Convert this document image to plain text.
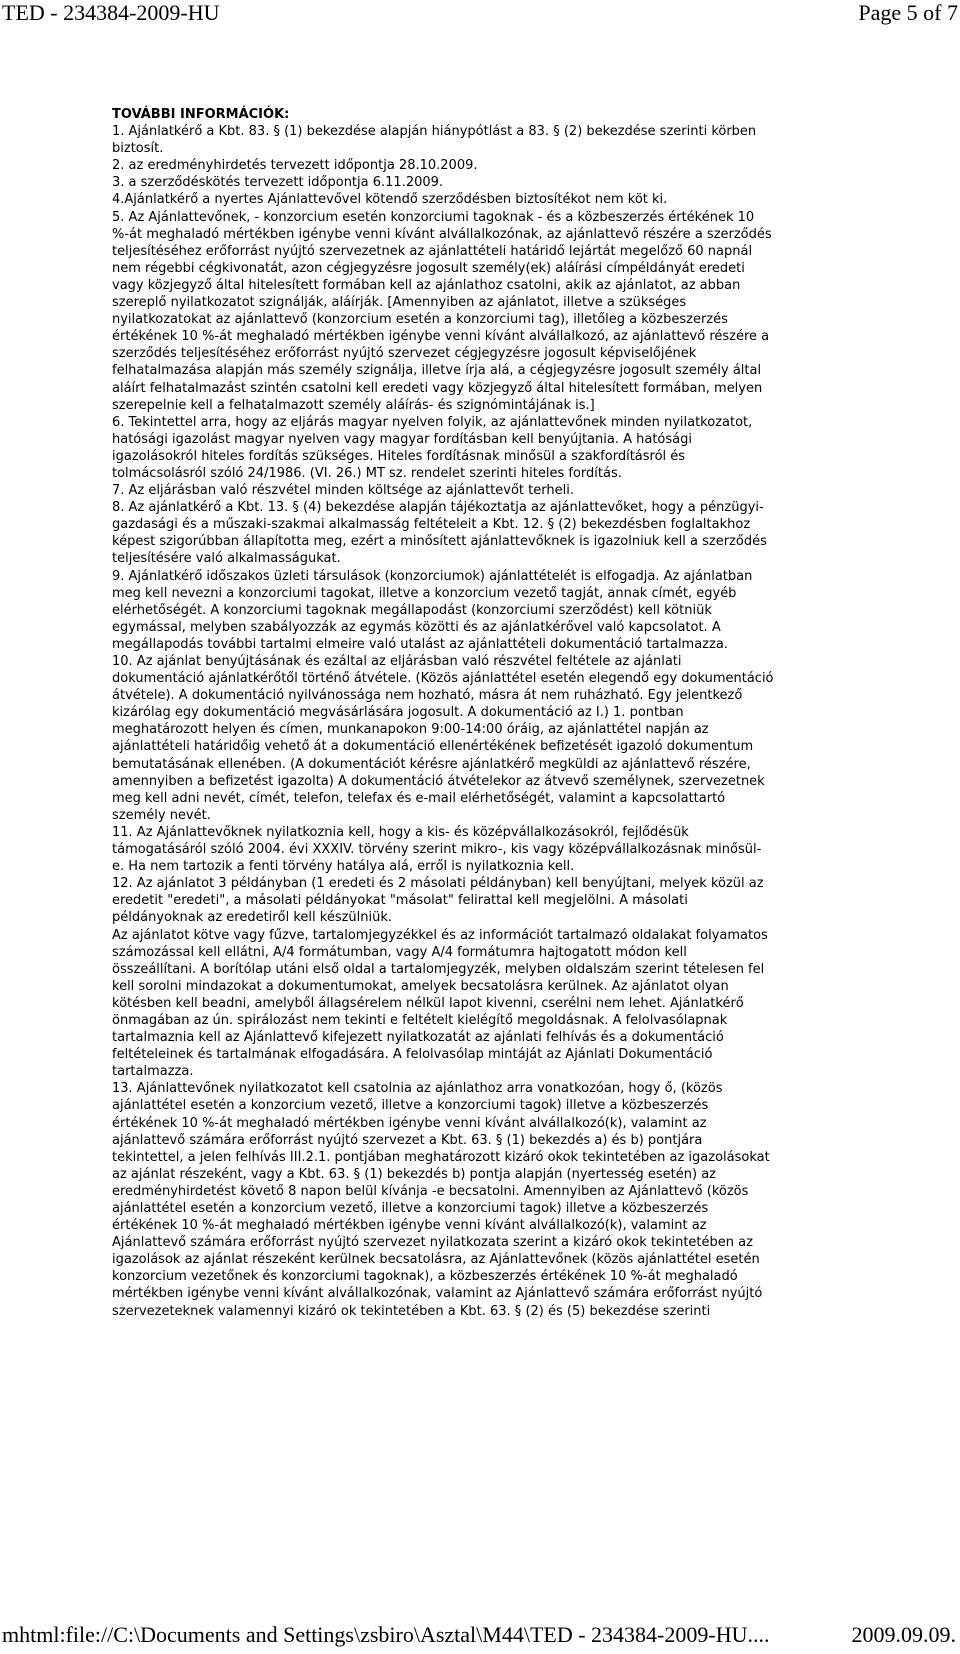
TED - 234384-2009-HU	Page 5 of 7
TOVÁBBI INFORMÁCIÓK:
1. Ajánlatkérő a Kbt. 83. § (1) bekezdése alapján hiánypótlást a 83. § (2) bekezdése szerinti körben
biztosít.
2. az eredményhirdetés tervezett időpontja 28.10.2009.
3. a szerződéskötés tervezett időpontja 6.11.2009.
4.Ajánlatkérő a nyertes Ajánlattevővel kötendő szerződésben biztosítékot nem köt ki.
5. Az Ajánlattevőnek, - konzorcium esetén konzorciumi tagoknak - és a közbeszerzés értékének 10
%-át meghaladó mértékben igénybe venni kívánt alvállalkozónak, az ajánlattevő részére a szerződés
teljesítéséhez erőforrást nyújtó szervezetnek az ajánlattételi határidő lejártát megelőző 60 napnál
nem régebbi cégkivonatát, azon cégjegyzésre jogosult személy(ek) aláírási címpéldányát eredeti
vagy közjegyző által hitelesített formában kell az ajánlathoz csatolni, akik az ajánlatot, az abban
szereplő nyilatkozatot szignálják, aláírják. [Amennyiben az ajánlatot, illetve a szükséges
nyilatkozatokat az ajánlattevő (konzorcium esetén a konzorciumi tag), illetőleg a közbeszerzés
értékének 10 %-át meghaladó mértékben igénybe venni kívánt alvállalkozó, az ajánlattevő részére a
szerződés teljesítéséhez erőforrást nyújtó szervezet cégjegyzésre jogosult képviselőjének
felhatalmazása alapján más személy szignálja, illetve írja alá, a cégjegyzésre jogosult személy által
aláírt felhatalmazást szintén csatolni kell eredeti vagy közjegyző által hitelesített formában, melyen
szerepelnie kell a felhatalmazott személy aláírás- és szignómintájának is.]
6. Tekintettel arra, hogy az eljárás magyar nyelven folyik, az ajánlattevőnek minden nyilatkozatot,
hatósági igazolást magyar nyelven vagy magyar fordításban kell benyújtania. A hatósági
igazolásokról hiteles fordítás szükséges. Hiteles fordításnak minősül a szakfordításról és
tolmácsolásról szóló 24/1986. (VI. 26.) MT sz. rendelet szerinti hiteles fordítás.
7. Az eljárásban való részvétel minden költsége az ajánlattevőt terheli.
8. Az ajánlatkérő a Kbt. 13. § (4) bekezdése alapján tájékoztatja az ajánlattevőket, hogy a pénzügyi-
gazdasági és a műszaki-szakmai alkalmasság feltételeit a Kbt. 12. § (2) bekezdésben foglaltakhoz
képest szigorúbban állapította meg, ezért a minősített ajánlattevőknek is igazolniuk kell a szerződés
teljesítésére való alkalmasságukat.
9. Ajánlatkérő időszakos üzleti társulások (konzorciumok) ajánlattételét is elfogadja. Az ajánlatban
meg kell nevezni a konzorciumi tagokat, illetve a konzorcium vezető tagját, annak címét, egyéb
elérhetőségét. A konzorciumi tagoknak megállapodást (konzorciumi szerződést) kell kötniük
egymással, melyben szabályozzák az egymás közötti és az ajánlatkérővel való kapcsolatot. A
megállapodás további tartalmi elmeire való utalást az ajánlattételi dokumentáció tartalmazza.
10. Az ajánlat benyújtásának és ezáltal az eljárásban való részvétel feltétele az ajánlati
dokumentáció ajánlatkérőtől történő átvétele. (Közös ajánlattétel esetén elegendő egy dokumentáció
átvétele). A dokumentáció nyilvánossága nem hozható, másra át nem ruházható. Egy jelentkező
kizárólag egy dokumentáció megvásárlására jogosult. A dokumentáció az I.) 1. pontban
meghatározott helyen és címen, munkanapokon 9:00-14:00 óráig, az ajánlattétel napján az
ajánlattételi határidőig vehető át a dokumentáció ellenértékének befizetését igazoló dokumentum
bemutatásának ellenében. (A dokumentációt kérésre ajánlatkérő megküldi az ajánlattevő részére,
amennyiben a befizetést igazolta) A dokumentáció átvételekor az átvevő személynek, szervezetnek
meg kell adni nevét, címét, telefon, telefax és e-mail elérhetőségét, valamint a kapcsolattartó
személy nevét.
11. Az Ajánlattevőknek nyilatkoznia kell, hogy a kis- és középvállalkozásokról, fejlődésük
támogatásáról szóló 2004. évi XXXIV. törvény szerint mikro-, kis vagy középvállalkozásnak minősül-
e. Ha nem tartozik a fenti törvény hatálya alá, erről is nyilatkoznia kell.
12. Az ajánlatot 3 példányban (1 eredeti és 2 másolati példányban) kell benyújtani, melyek közül az
eredetit "eredeti", a másolati példányokat "másolat" felirattal kell megjelölni. A másolati
példányoknak az eredetiről kell készülniük.
Az ajánlatot kötve vagy fűzve, tartalomjegyzékkel és az információt tartalmazó oldalakat folyamatos
számozással kell ellátni, A/4 formátumban, vagy A/4 formátumra hajtogatott módon kell
összeállítani. A borítólap utáni első oldal a tartalomjegyzék, melyben oldalszám szerint tételesen fel
kell sorolni mindazokat a dokumentumokat, amelyek becsatolásra kerülnek. Az ajánlatot olyan
kötésben kell beadni, amelyből állagsérelem nélkül lapot kivenni, cserélni nem lehet. Ajánlatkérő
önmagában az ún. spirálozást nem tekinti e feltételt kielégítő megoldásnak. A felolvasólapnak
tartalmaznia kell az Ajánlattevő kifejezett nyilatkozatát az ajánlati felhívás és a dokumentáció
feltételeinek és tartalmának elfogadására. A felolvasólap mintáját az Ajánlati Dokumentáció
tartalmazza.
13. Ajánlattevőnek nyilatkozatot kell csatolnia az ajánlathoz arra vonatkozóan, hogy ő, (közös
ajánlattétel esetén a konzorcium vezető, illetve a konzorciumi tagok) illetve a közbeszerzés
értékének 10 %-át meghaladó mértékben igénybe venni kívánt alvállalkozó(k), valamint az
ajánlattevő számára erőforrást nyújtó szervezet a Kbt. 63. § (1) bekezdés a) és b) pontjára
tekintettel, a jelen felhívás III.2.1. pontjában meghatározott kizáró okok tekintetében az igazolásokat
az ajánlat részeként, vagy a Kbt. 63. § (1) bekezdés b) pontja alapján (nyertesség esetén) az
eredményhirdetést követő 8 napon belül kívánja -e becsatolni. Amennyiben az Ajánlattevő (közös
ajánlattétel esetén a konzorcium vezető, illetve a konzorciumi tagok) illetve a közbeszerzés
értékének 10 %-át meghaladó mértékben igénybe venni kívánt alvállalkozó(k), valamint az
Ajánlattevő számára erőforrást nyújtó szervezet nyilatkozata szerint a kizáró okok tekintetében az
igazolások az ajánlat részeként kerülnek becsatolásra, az Ajánlattevőnek (közös ajánlattétel esetén
konzorcium vezetőnek és konzorciumi tagoknak), a közbeszerzés értékének 10 %-át meghaladó
mértékben igénybe venni kívánt alvállalkozónak, valamint az Ajánlattevő számára erőforrást nyújtó
szervezeteknek valamennyi kizáró ok tekintetében a Kbt. 63. § (2) és (5) bekezdése szerinti
mhtml:file://C:\Documents and Settings\zsbiro\Asztal\M44\TED - 234384-2009-HU....	2009.09.09.
